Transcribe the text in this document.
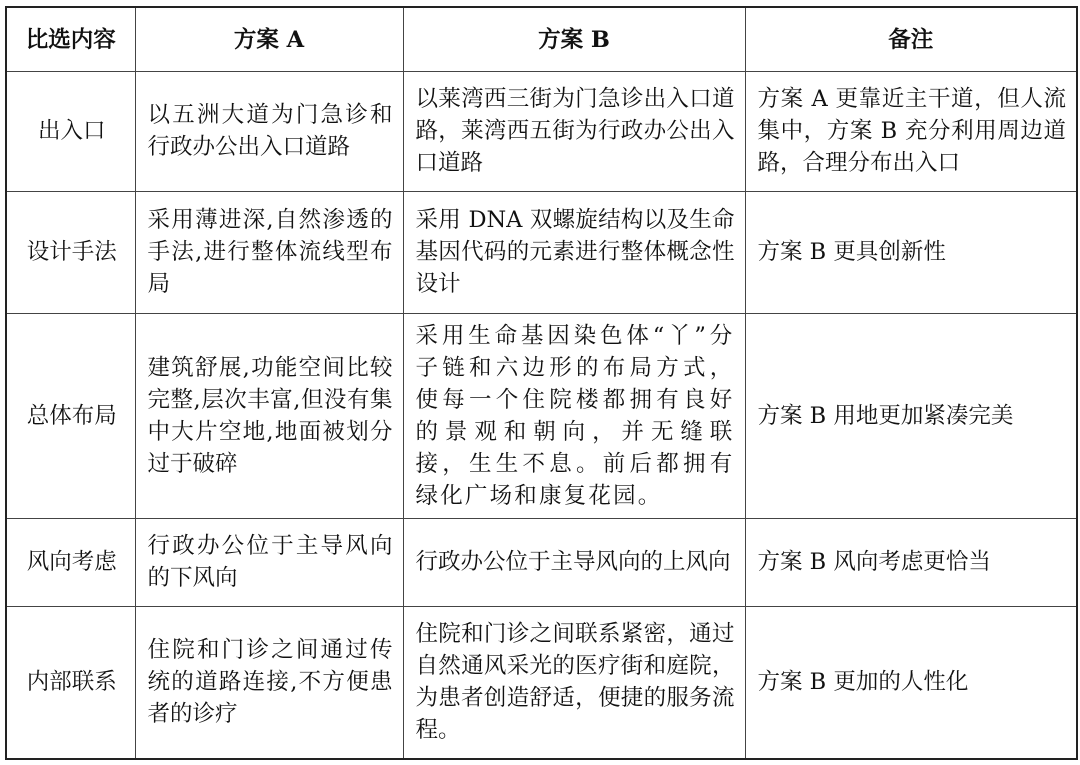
比选内容	方案 A	方案 B	备注
出入口	以五洲大道为门急诊和行政办公出入口道路	以莱湾西三街为门急诊出入口道路，莱湾西五街为行政办公出入口道路	方案 A 更靠近主干道，但人流集中，方案 B 充分利用周边道路，合理分布出入口
设计手法	采用薄进深,自然渗透的手法,进行整体流线型布局	采用 DNA 双螺旋结构以及生命基因代码的元素进行整体概念性设计	方案 B 更具创新性
总体布局	建筑舒展,功能空间比较完整,层次丰富,但没有集中大片空地,地面被划分过于破碎	采用生命基因染色体“丫”分子链和六边形的布局方式，使每一个住院楼都拥有良好的景观和朝向，并无缝联接，生生不息。前后都拥有绿化广场和康复花园。	方案 B 用地更加紧凑完美
风向考虑	行政办公位于主导风向的下风向	行政办公位于主导风向的上风向	方案 B 风向考虑更恰当
内部联系	住院和门诊之间通过传统的道路连接,不方便患者的诊疗	住院和门诊之间联系紧密，通过自然通风采光的医疗街和庭院，为患者创造舒适，便捷的服务流程。	方案 B 更加的人性化
